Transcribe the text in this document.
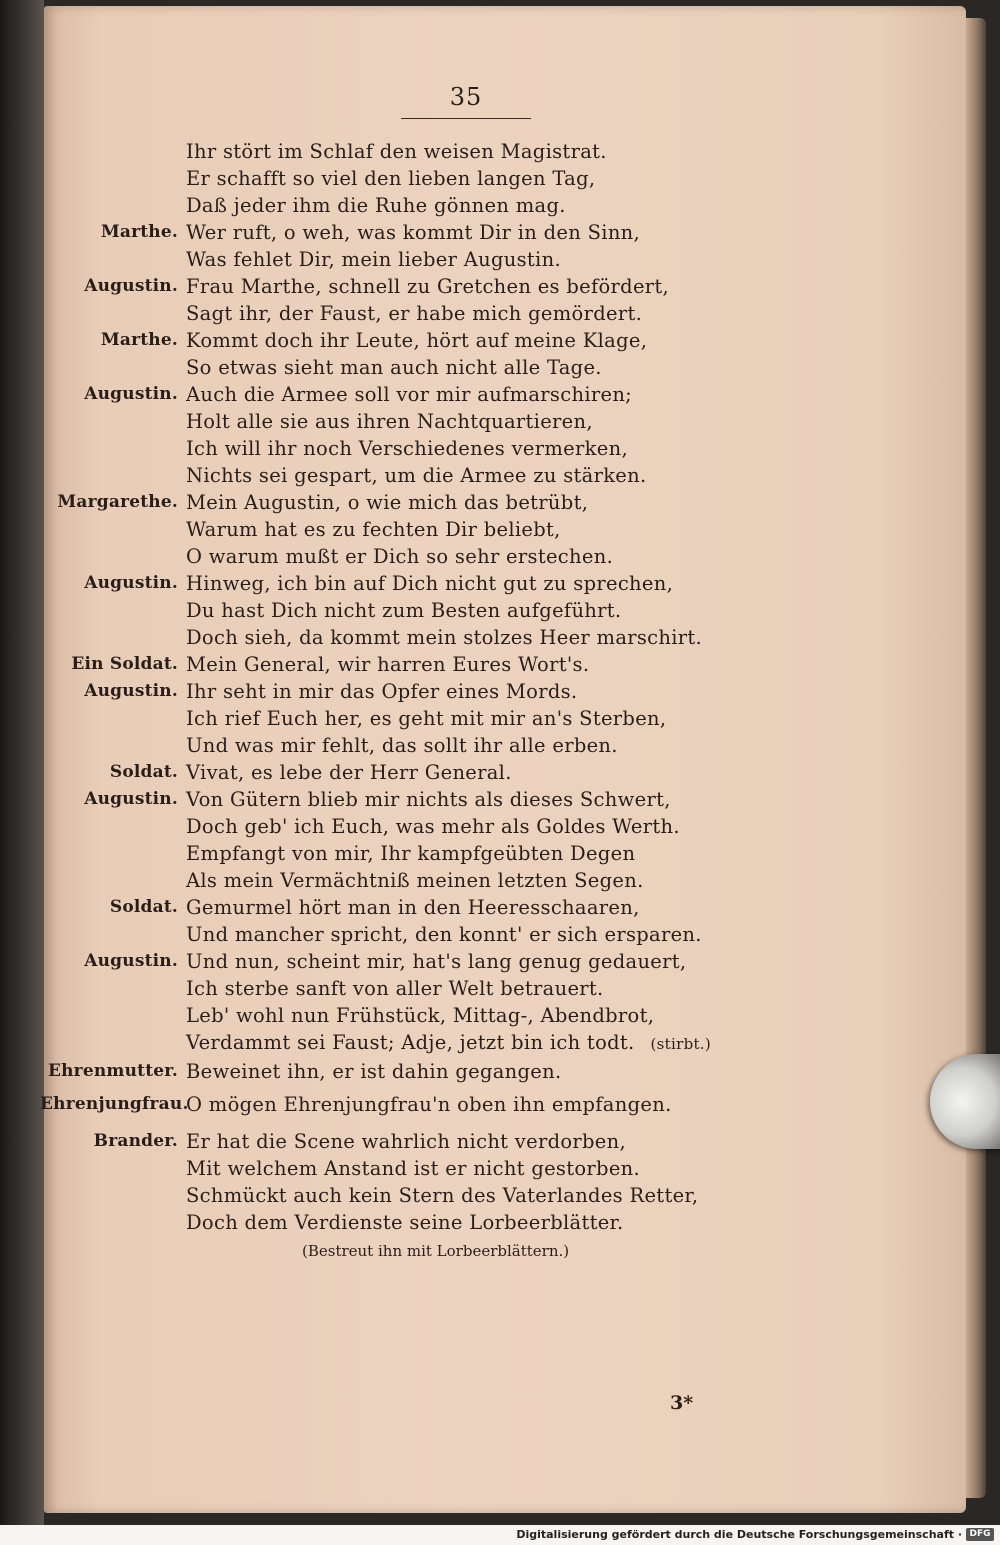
35
Ihr stört im Schlaf den weisen Magistrat.
Er schafft so viel den lieben langen Tag,
Daß jeder ihm die Ruhe gönnen mag.
Marthe. Wer ruft, o weh, was kommt Dir in den Sinn,
Was fehlet Dir, mein lieber Augustin.
Augustin. Frau Marthe, schnell zu Gretchen es befördert,
Sagt ihr, der Faust, er habe mich gemördert.
Marthe. Kommt doch ihr Leute, hört auf meine Klage,
So etwas sieht man auch nicht alle Tage.
Augustin. Auch die Armee soll vor mir aufmarschiren;
Holt alle sie aus ihren Nachtquartieren,
Ich will ihr noch Verschiedenes vermerken,
Nichts sei gespart, um die Armee zu stärken.
Margarethe. Mein Augustin, o wie mich das betrübt,
Warum hat es zu fechten Dir beliebt,
O warum mußt er Dich so sehr erstechen.
Augustin. Hinweg, ich bin auf Dich nicht gut zu sprechen,
Du hast Dich nicht zum Besten aufgeführt.
Doch sieh, da kommt mein stolzes Heer marschirt.
Ein Soldat. Mein General, wir harren Eures Wort's.
Augustin. Ihr seht in mir das Opfer eines Mords.
Ich rief Euch her, es geht mit mir an's Sterben,
Und was mir fehlt, das sollt ihr alle erben.
Soldat. Vivat, es lebe der Herr General.
Augustin. Von Gütern blieb mir nichts als dieses Schwert,
Doch geb' ich Euch, was mehr als Goldes Werth.
Empfangt von mir, Ihr kampfgeübten Degen
Als mein Vermächtniß meinen letzten Segen.
Soldat. Gemurmel hört man in den Heeresschaaren,
Und mancher spricht, den konnt' er sich ersparen.
Augustin. Und nun, scheint mir, hat's lang genug gedauert,
Ich sterbe sanft von aller Welt betrauert.
Leb' wohl nun Frühstück, Mittag-, Abendbrot,
Verdammt sei Faust; Adje, jetzt bin ich todt. (stirbt.)
Ehrenmutter. Beweinet ihn, er ist dahin gegangen.
Ehrenjungfrau.
O mögen Ehrenjungfrau'n oben ihn empfangen.
Brander. Er hat die Scene wahrlich nicht verdorben,
Mit welchem Anstand ist er nicht gestorben.
Schmückt auch kein Stern des Vaterlandes Retter,
Doch dem Verdienste seine Lorbeerblätter.
(Bestreut ihn mit Lorbeerblättern.)
3*
Digitalisierung gefördert durch die Deutsche Forschungsgemeinschaft · DFG
